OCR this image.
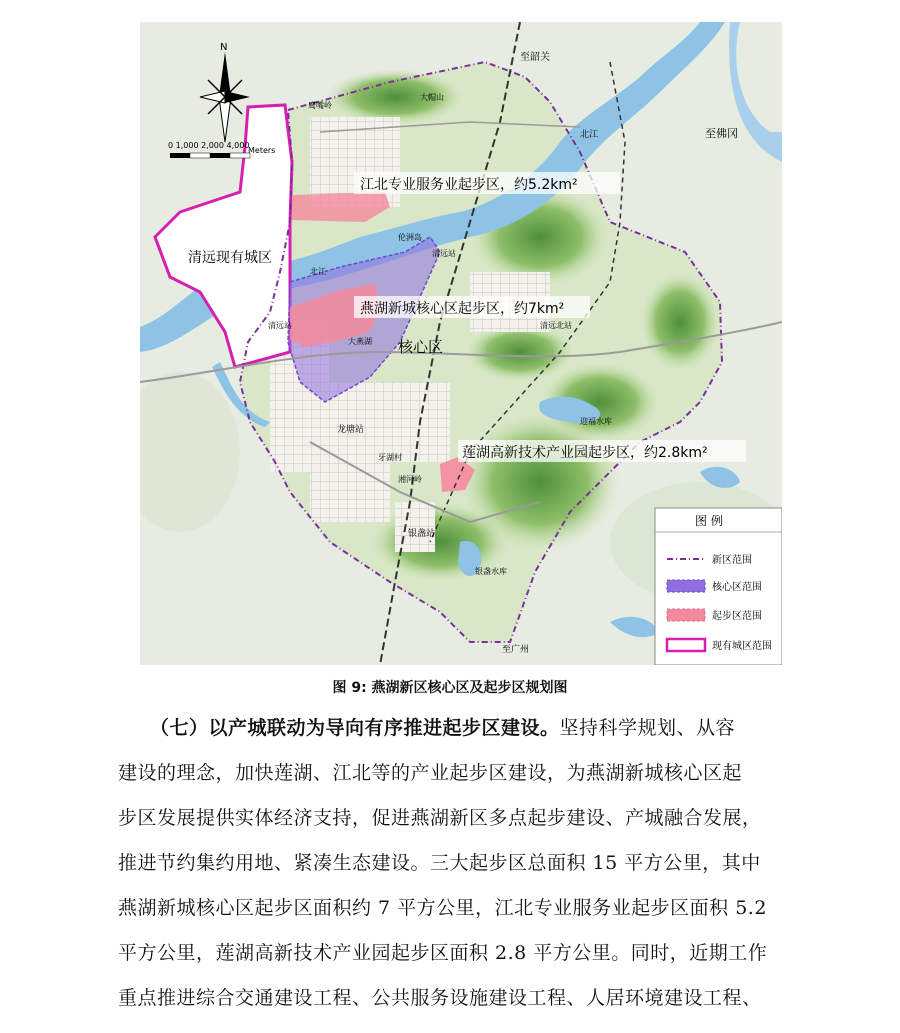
N
0 1,000 2,000 4,000
Meters
至韶关
至佛冈
北江
北江
清远现有城区
伦洲岛
清远站
清远站	清远北站
大燕湖
龙塘站
牙湖村
湘河岭
银盏站
银盏水库
迎福水库
至广州
大帽山
鹰嘴岭
江北专业服务业起步区，约5.2km²
燕湖新城核心区起步区，约7km²
核心区
莲湖高新技术产业园起步区，约2.8km²
图 例
新区范围
核心区范围
起步区范围
现有城区范围
图 9: 燕湖新区核心区及起步区规划图
（七）以产城联动为导向有序推进起步区建设。坚持科学规划、从容
建设的理念，加快莲湖、江北等的产业起步区建设，为燕湖新城核心区起
步区发展提供实体经济支持，促进燕湖新区多点起步建设、产城融合发展，
推进节约集约用地、紧凑生态建设。三大起步区总面积 15 平方公里，其中
燕湖新城核心区起步区面积约 7 平方公里，江北专业服务业起步区面积 5.2
平方公里，莲湖高新技术产业园起步区面积 2.8 平方公里。同时，近期工作
重点推进综合交通建设工程、公共服务设施建设工程、人居环境建设工程、
